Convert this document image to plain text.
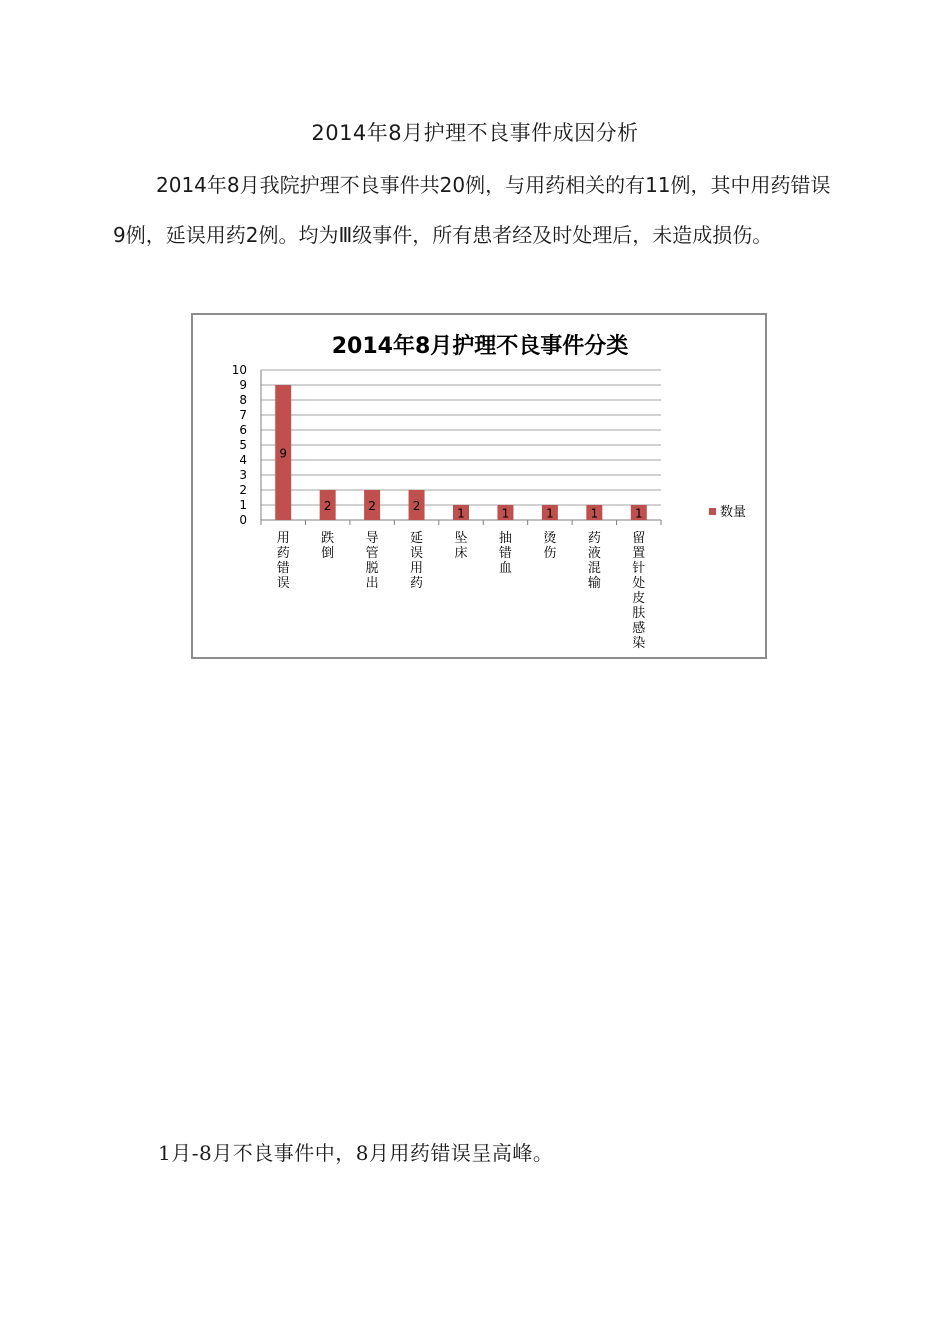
2014年8月护理不良事件成因分析

2014年8月我院护理不良事件共20例，与用药相关的有11例，其中用药错误9例，延误用药2例。均为Ⅲ级事件，所有患者经及时处理后，未造成损伤。

2014年8月护理不良事件分类
0
1
2
3
4
5
6
7
8
9
10
9
用药错误
2
跌倒
2
导管脱出
2
延误用药
1
坠床
1
抽错血
1
烫伤
1
药液混输
1
留置针处皮肤感染
数量
1月-8月不良事件中，8月用药错误呈高峰。
